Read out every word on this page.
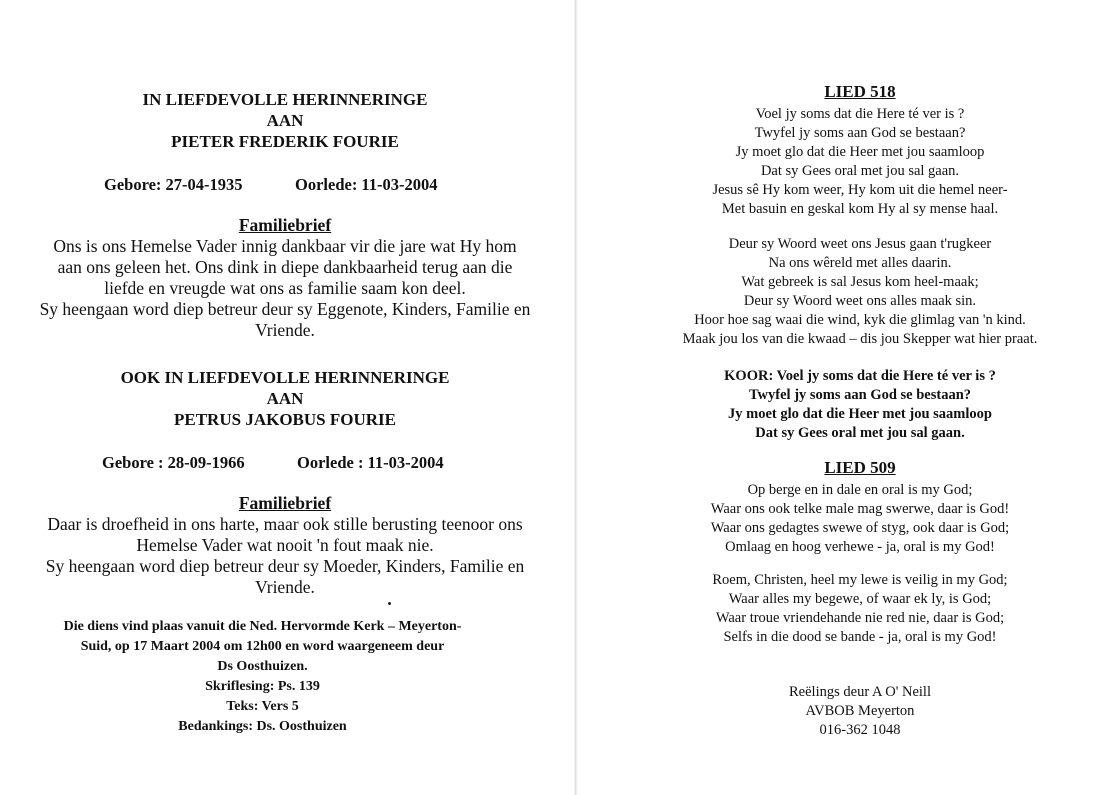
IN LIEFDEVOLLE HERINNERINGE
AAN
PIETER FREDERIK FOURIE
Gebore: 27-04-1935	Oorlede: 11-03-2004
Familiebrief
Ons is ons Hemelse Vader innig dankbaar vir die jare wat Hy hom
aan ons geleen het. Ons dink in diepe dankbaarheid terug aan die
liefde en vreugde wat ons as familie saam kon deel.
Sy heengaan word diep betreur deur sy Eggenote, Kinders, Familie en
Vriende.
OOK IN LIEFDEVOLLE HERINNERINGE
AAN
PETRUS JAKOBUS FOURIE
Gebore : 28-09-1966	Oorlede : 11-03-2004
Familiebrief
Daar is droefheid in ons harte, maar ook stille berusting teenoor ons
Hemelse Vader wat nooit 'n fout maak nie.
Sy heengaan word diep betreur deur sy Moeder, Kinders, Familie en
Vriende.
Die diens vind plaas vanuit die Ned. Hervormde Kerk – Meyerton-
Suid, op 17 Maart 2004 om 12h00 en word waargeneem deur
Ds Oosthuizen.
Skriflesing: Ps. 139
Teks: Vers 5
Bedankings: Ds. Oosthuizen
LIED 518
Voel jy soms dat die Here té ver is ?
Twyfel jy soms aan God se bestaan?
Jy moet glo dat die Heer met jou saamloop
Dat sy Gees oral met jou sal gaan.
Jesus sê Hy kom weer, Hy kom uit die hemel neer-
Met basuin en geskal kom Hy al sy mense haal.
Deur sy Woord weet ons Jesus gaan t'rugkeer
Na ons wêreld met alles daarin.
Wat gebreek is sal Jesus kom heel-maak;
Deur sy Woord weet ons alles maak sin.
Hoor hoe sag waai die wind, kyk die glimlag van 'n kind.
Maak jou los van die kwaad – dis jou Skepper wat hier praat.
KOOR: Voel jy soms dat die Here té ver is ?
Twyfel jy soms aan God se bestaan?
Jy moet glo dat die Heer met jou saamloop
Dat sy Gees oral met jou sal gaan.
LIED 509
Op berge en in dale en oral is my God;
Waar ons ook telke male mag swerwe, daar is God!
Waar ons gedagtes swewe of styg, ook daar is God;
Omlaag en hoog verhewe - ja, oral is my God!
Roem, Christen, heel my lewe is veilig in my God;
Waar alles my begewe, of waar ek ly, is God;
Waar troue vriendehande nie red nie, daar is God;
Selfs in die dood se bande - ja, oral is my God!
Reëlings deur A O' Neill
AVBOB Meyerton
016-362 1048
